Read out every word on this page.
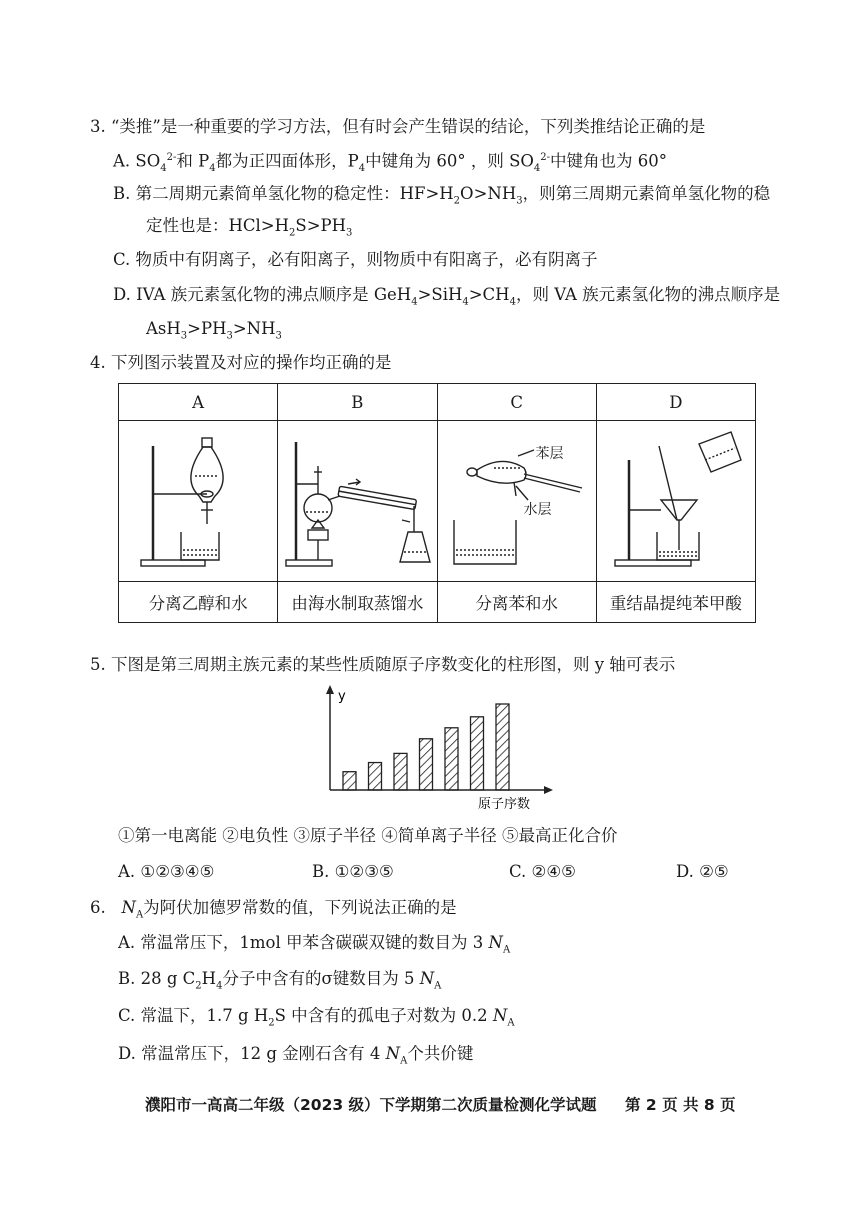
3. “类推”是一种重要的学习方法，但有时会产生错误的结论，下列类推结论正确的是
A. $SO_4^{2-}$和 $P_4$都为正四面体形，$P_4$中键角为 60° ，则 $SO_4^{2-}$中键角也为 60°
B. 第二周期元素简单氢化物的稳定性：$HF>H_2O>NH_3$，则第三周期元素简单氢化物的稳
定性也是：$HCl>H_2S>PH_3$
C. 物质中有阴离子，必有阳离子，则物质中有阳离子，必有阴离子
D. IVA 族元素氢化物的沸点顺序是 $GeH_4>SiH_4>CH_4$，则 VA 族元素氢化物的沸点顺序是
$AsH_3>PH_3>NH_3$
4. 下列图示装置及对应的操作均正确的是
A	B	C	D

苯层
水层

分离乙醇和水	由海水制取蒸馏水	分离苯和水	重结晶提纯苯甲酸
5. 下图是第三周期主族元素的某些性质随原子序数变化的柱形图，则 y 轴可表示
y
原子序数
①第一电离能 ②电负性 ③原子半径 ④简单离子半径 ⑤最高正化合价
A. ①②③④⑤	B. ①②③⑤	C. ②④⑤	D. ②⑤
6. $N_A$为阿伏加德罗常数的值，下列说法正确的是
A. 常温常压下，1mol 甲苯含碳碳双键的数目为 3 $N_A$
B. 28 g $C_2H_4$分子中含有的σ键数目为 5 $N_A$
C. 常温下，1.7 g $H_2S$ 中含有的孤电子对数为 0.2 $N_A$
D. 常温常压下，12 g 金刚石含有 4 $N_A$个共价键
濮阳市一高高二年级（2023 级）下学期第二次质量检测化学试题 第 2 页 共 8 页
